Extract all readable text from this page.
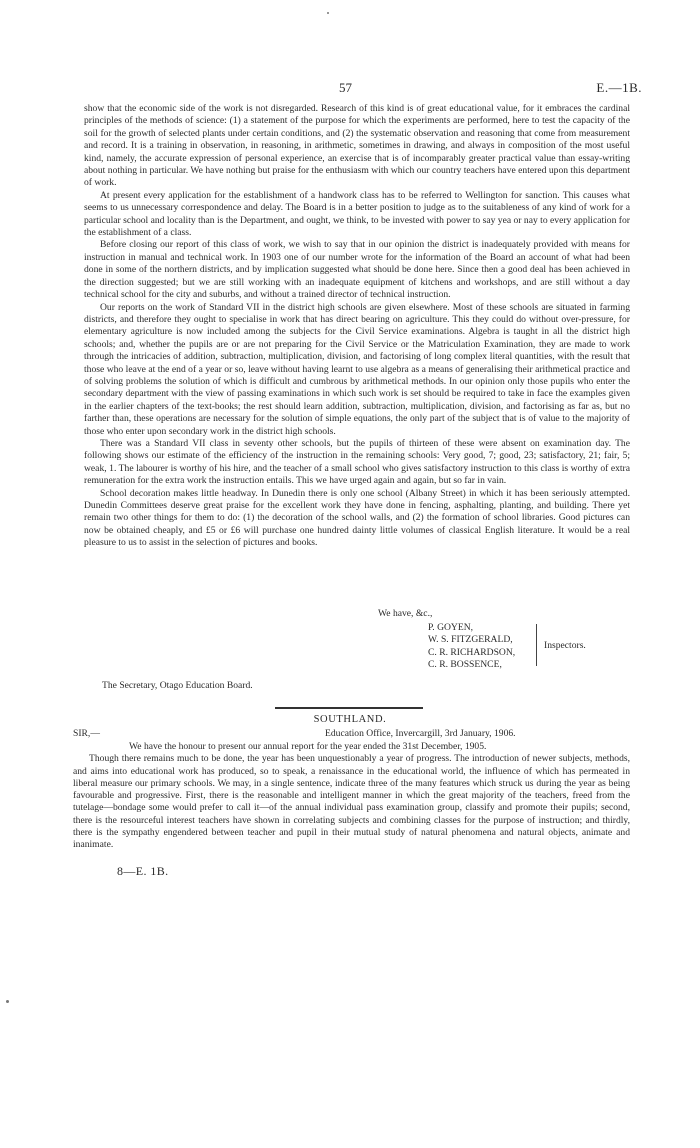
57	E.—1B.

show that the economic side of the work is not disregarded. Research of this kind is of great educational value, for it embraces the cardinal principles of the methods of science: (1) a statement of the purpose for which the experiments are performed, here to test the capacity of the soil for the growth of selected plants under certain conditions, and (2) the systematic observation and reasoning that come from measurement and record. It is a training in observation, in reasoning, in arithmetic, sometimes in drawing, and always in composition of the most useful kind, namely, the accurate expression of personal experience, an exercise that is of incomparably greater practical value than essay-writing about nothing in particular. We have nothing but praise for the enthusiasm with which our country teachers have entered upon this department of work.

At present every application for the establishment of a handwork class has to be referred to Wellington for sanction. This causes what seems to us unnecessary correspondence and delay. The Board is in a better position to judge as to the suitableness of any kind of work for a particular school and locality than is the Department, and ought, we think, to be invested with power to say yea or nay to every application for the establishment of a class.

Before closing our report of this class of work, we wish to say that in our opinion the district is inadequately provided with means for instruction in manual and technical work. In 1903 one of our number wrote for the information of the Board an account of what had been done in some of the northern districts, and by implication suggested what should be done here. Since then a good deal has been achieved in the direction suggested; but we are still working with an inadequate equipment of kitchens and workshops, and are still without a day technical school for the city and suburbs, and without a trained director of technical instruction.

Our reports on the work of Standard VII in the district high schools are given elsewhere. Most of these schools are situated in farming districts, and therefore they ought to specialise in work that has direct bearing on agriculture. This they could do without over-pressure, for elementary agriculture is now included among the subjects for the Civil Service examinations. Algebra is taught in all the district high schools; and, whether the pupils are or are not preparing for the Civil Service or the Matriculation Examination, they are made to work through the intricacies of addition, subtraction, multiplication, division, and factorising of long complex literal quantities, with the result that those who leave at the end of a year or so, leave without having learnt to use algebra as a means of generalising their arithmetical practice and of solving problems the solution of which is difficult and cumbrous by arithmetical methods. In our opinion only those pupils who enter the secondary department with the view of passing examinations in which such work is set should be required to take in face the examples given in the earlier chapters of the text-books; the rest should learn addition, subtraction, multiplication, division, and factorising as far as, but no farther than, these operations are necessary for the solution of simple equations, the only part of the subject that is of value to the majority of those who enter upon secondary work in the district high schools.

There was a Standard VII class in seventy other schools, but the pupils of thirteen of these were absent on examination day. The following shows our estimate of the efficiency of the instruction in the remaining schools: Very good, 7; good, 23; satisfactory, 21; fair, 5; weak, 1. The labourer is worthy of his hire, and the teacher of a small school who gives satisfactory instruction to this class is worthy of extra remuneration for the extra work the instruction entails. This we have urged again and again, but so far in vain.

School decoration makes little headway. In Dunedin there is only one school (Albany Street) in which it has been seriously attempted. Dunedin Committees deserve great praise for the excellent work they have done in fencing, asphalting, planting, and building. There yet remain two other things for them to do: (1) the decoration of the school walls, and (2) the formation of school libraries. Good pictures can now be obtained cheaply, and £5 or £6 will purchase one hundred dainty little volumes of classical English literature. It would be a real pleasure to us to assist in the selection of pictures and books.

We have, &c.,
P. GOYEN,
W. S. FITZGERALD,
C. R. RICHARDSON,
C. R. BOSSENCE,
Inspectors.
The Secretary, Otago Education Board.
SOUTHLAND.
SIR,—	Education Office, Invercargill, 3rd January, 1906.

We have the honour to present our annual report for the year ended the 31st December, 1905.

Though there remains much to be done, the year has been unquestionably a year of progress. The introduction of newer subjects, methods, and aims into educational work has produced, so to speak, a renaissance in the educational world, the influence of which has permeated in liberal measure our primary schools. We may, in a single sentence, indicate three of the many features which struck us during the year as being favourable and progressive. First, there is the reasonable and intelligent manner in which the great majority of the teachers, freed from the tutelage—bondage some would prefer to call it—of the annual individual pass examination group, classify and promote their pupils; second, there is the resourceful interest teachers have shown in correlating subjects and combining classes for the purpose of instruction; and thirdly, there is the sympathy engendered between teacher and pupil in their mutual study of natural phenomena and natural objects, animate and inanimate.

8—E. 1B.
